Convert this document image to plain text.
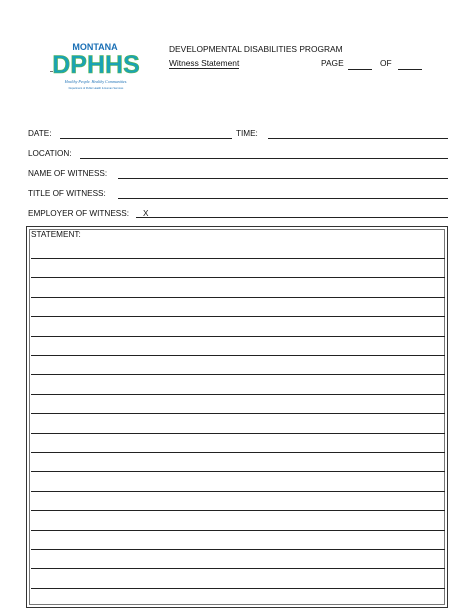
MONTANA
DPHHS
Healthy People. Healthy Communities.
Department of Public Health & Human Services
DEVELOPMENTAL DISABILITIES PROGRAM
Witness Statement	PAGE	OF
DATE:	TIME:
LOCATION:
NAME OF WITNESS:
TITLE OF WITNESS:
EMPLOYER OF WITNESS: X
STATEMENT:
